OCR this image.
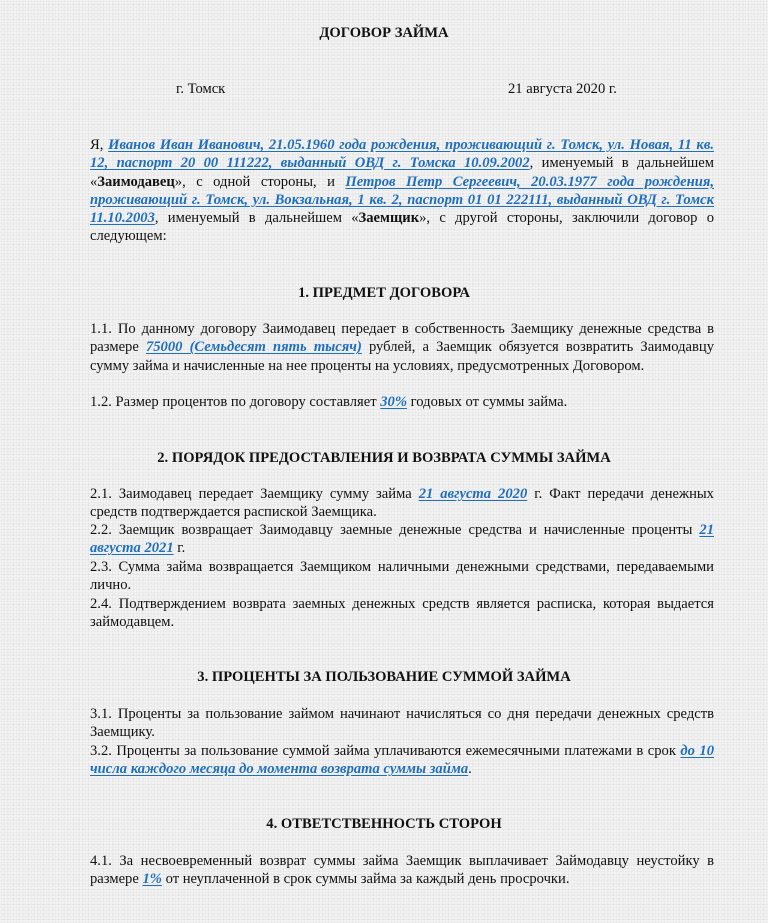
ДОГОВОР ЗАЙМА
г. Томск	21 августа 2020 г.

Я, Иванов Иван Иванович, 21.05.1960 года рождения, проживающий г. Томск, ул. Новая, 11 кв. 12, паспорт 20 00 111222, выданный ОВД г. Томска 10.09.2002, именуемый в дальнейшем «Заимодавец», с одной стороны, и Петров Петр Сергеевич, 20.03.1977 года рождения, проживающий г. Томск, ул. Вокзальная, 1 кв. 2, паспорт 01 01 222111, выданный ОВД г. Томск 11.10.2003, именуемый в дальнейшем «Заемщик», с другой стороны, заключили договор о следующем:

1. ПРЕДМЕТ ДОГОВОРА

1.1. По данному договору Заимодавец передает в собственность Заемщику денежные средства в размере 75000 (Семьдесят пять тысяч) рублей, а Заемщик обязуется возвратить Заимодавцу сумму займа и начисленные на нее проценты на условиях, предусмотренных Договором.

1.2. Размер процентов по договору составляет 30% годовых от суммы займа.

2. ПОРЯДОК ПРЕДОСТАВЛЕНИЯ И ВОЗВРАТА СУММЫ ЗАЙМА

2.1. Заимодавец передает Заемщику сумму займа 21 августа 2020 г. Факт передачи денежных средств подтверждается распиской Заемщика.

2.2. Заемщик возвращает Заимодавцу заемные денежные средства и начисленные проценты 21 августа 2021 г.

2.3. Сумма займа возвращается Заемщиком наличными денежными средствами, передаваемыми лично.

2.4. Подтверждением возврата заемных денежных средств является расписка, которая выдается займодавцем.

3. ПРОЦЕНТЫ ЗА ПОЛЬЗОВАНИЕ СУММОЙ ЗАЙМА

3.1. Проценты за пользование займом начинают начисляться со дня передачи денежных средств Заемщику.

3.2. Проценты за пользование суммой займа уплачиваются ежемесячными платежами в срок до 10 числа каждого месяца до момента возврата суммы займа.

4. ОТВЕТСТВЕННОСТЬ СТОРОН

4.1. За несвоевременный возврат суммы займа Заемщик выплачивает Займодавцу неустойку в размере 1% от неуплаченной в срок суммы займа за каждый день просрочки.
